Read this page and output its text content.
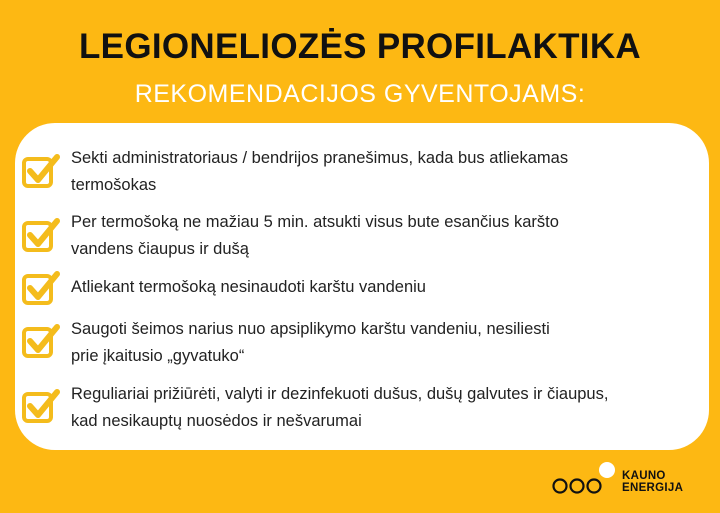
LEGIONELIOZĖS PROFILAKTIKA
REKOMENDACIJOS GYVENTOJAMS:
Sekti administratoriaus / bendrijos pranešimus, kada bus atliekamas
termošokas
Per termošoką ne mažiau 5 min. atsukti visus bute esančius karšto
vandens čiaupus ir dušą
Atliekant termošoką nesinaudoti karštu vandeniu
Saugoti šeimos narius nuo apsiplikymo karštu vandeniu, nesiliesti
prie įkaitusio „gyvatuko“
Reguliariai prižiūrėti, valyti ir dezinfekuoti dušus, dušų galvutes ir čiaupus,
kad nesikauptų nuosėdos ir nešvarumai
KAUNO
ENERGIJA
